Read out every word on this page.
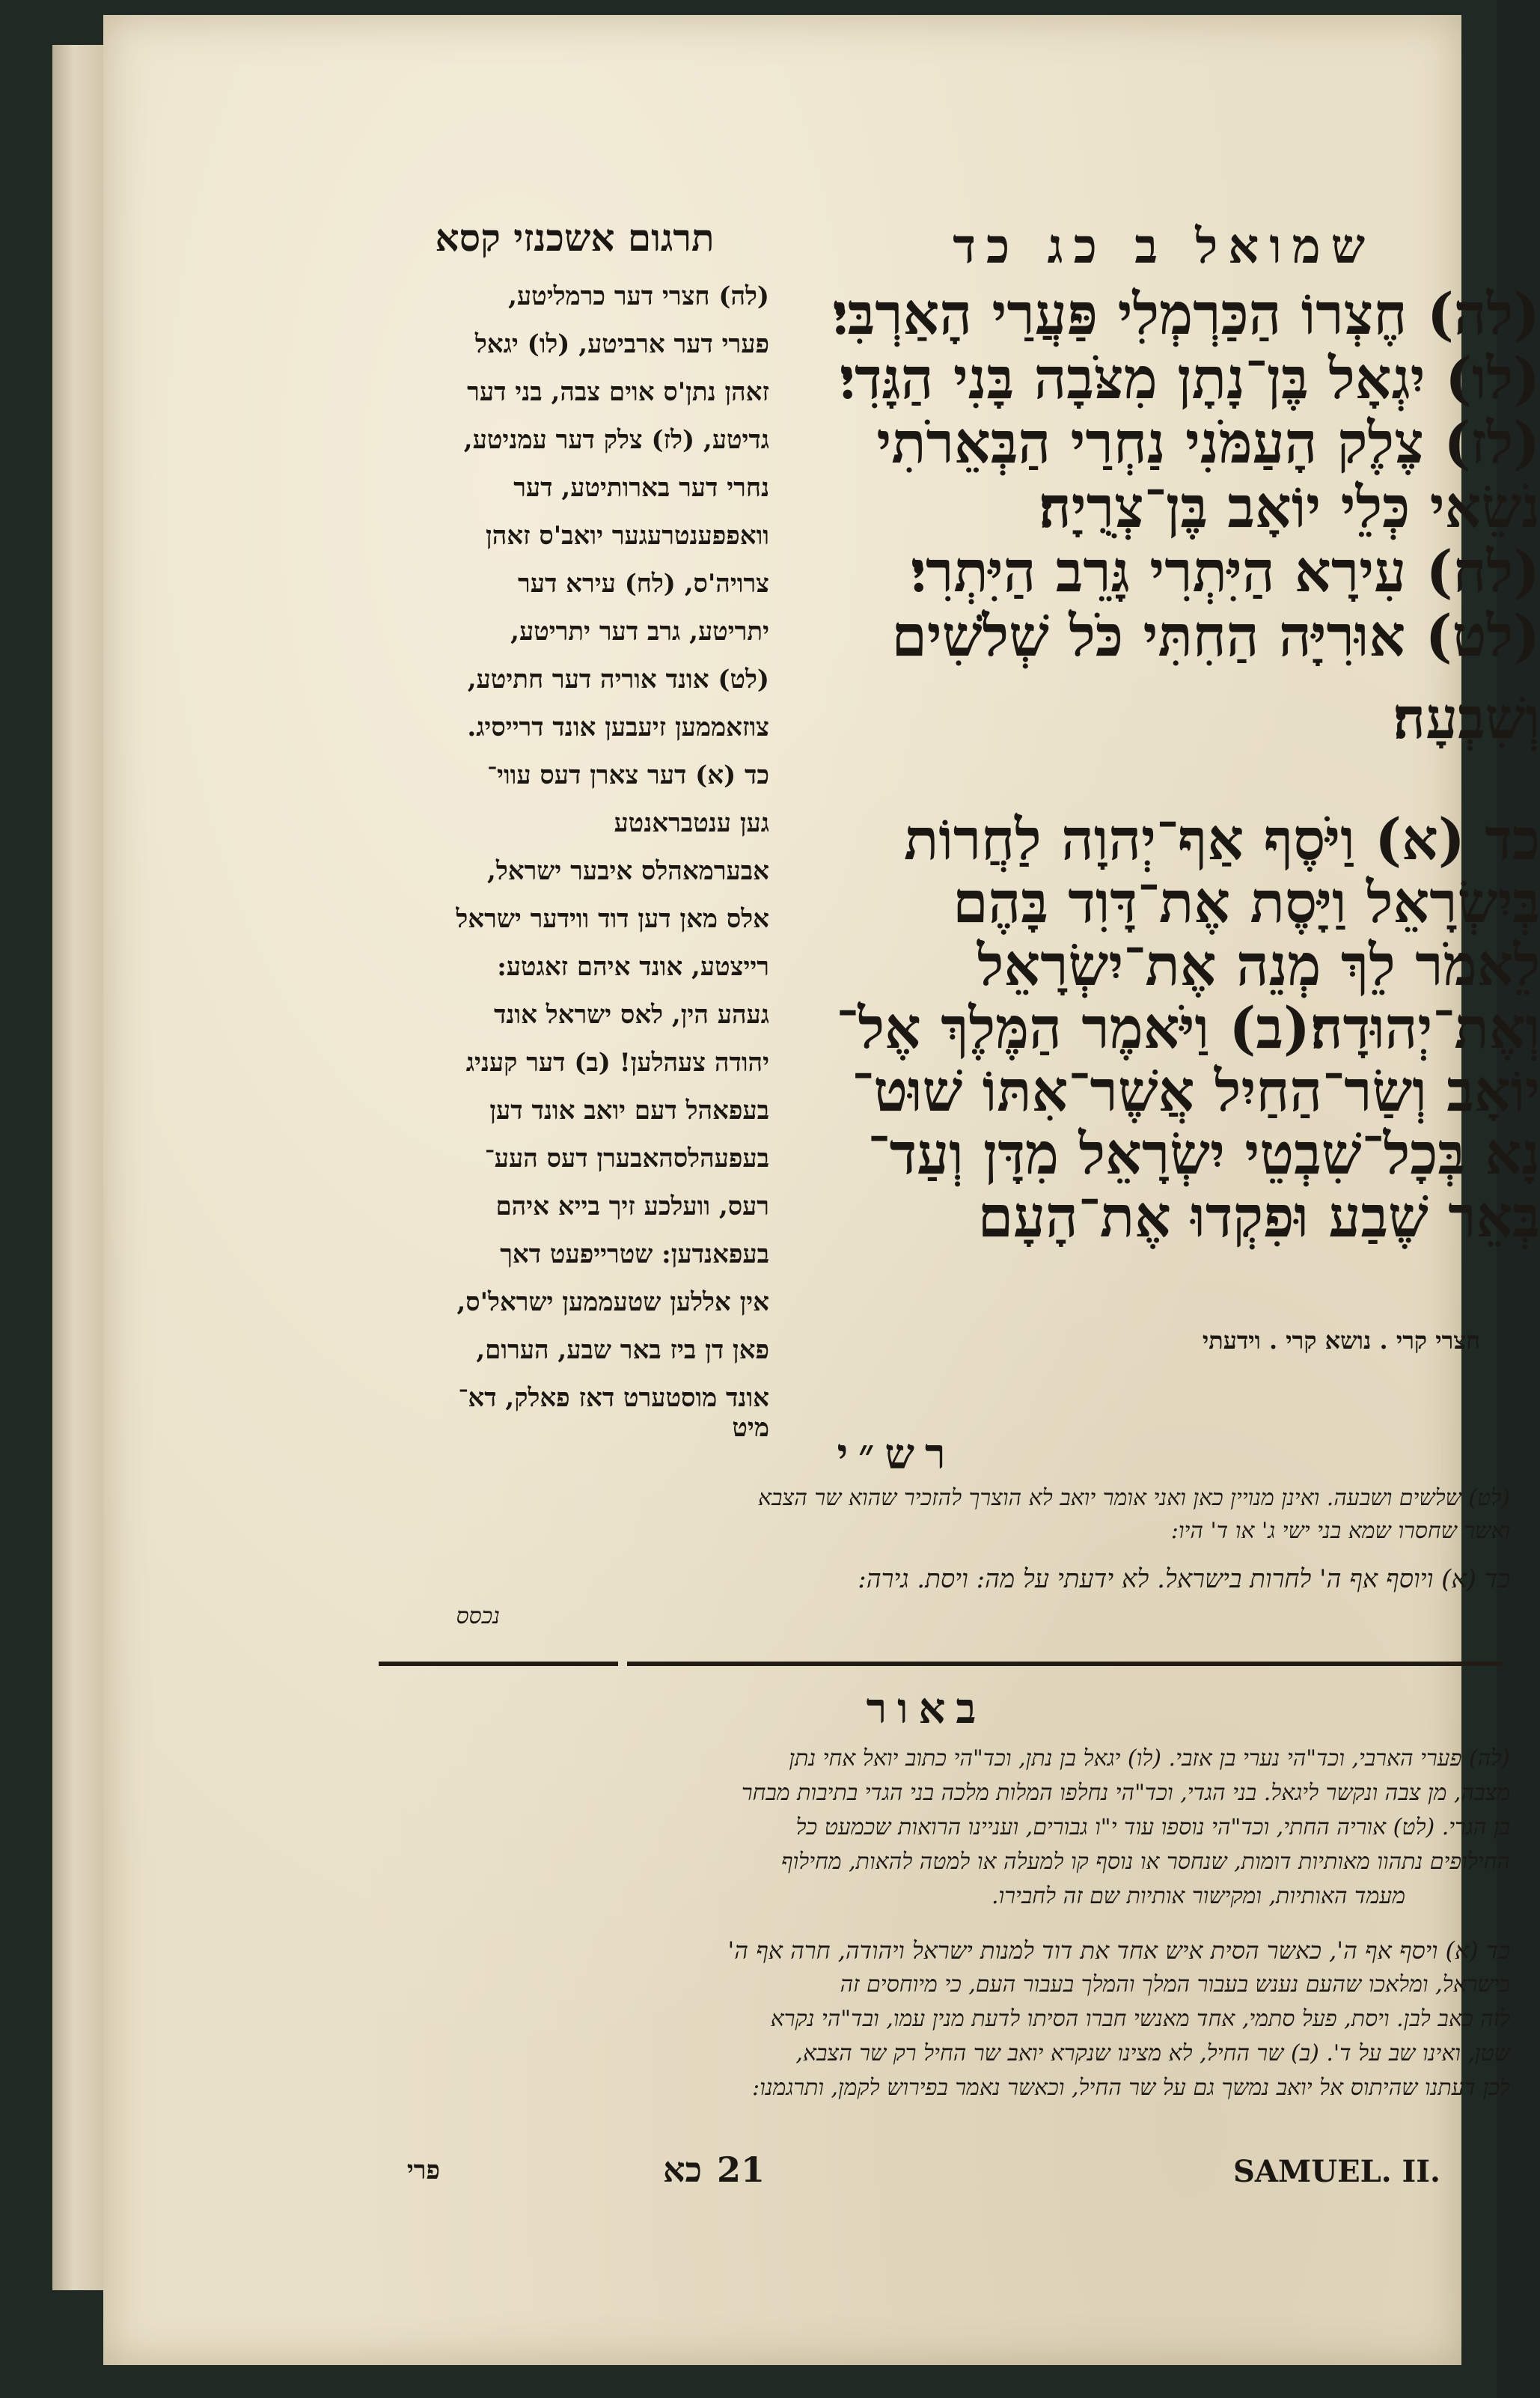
שמואל ב כג כד
(לה) חֶצְרוֹ הַכַּרְמְלִי פַּעֲרַי הָאַרְבִּי׃
(לו) יִגְאָל בֶּן־נָתָן מִצֹּבָה בָּנִי הַגָּדִי׃
(לז) צֶלֶק הָעַמֹּנִי נַחְרַי הַבְּאֵרֹתִי
נֹשֵׂאי כְּלֵי יוֹאָב בֶּן־צְרֻיָה׃
(לח) עִירָא הַיִּתְרִי גָּרֵב הַיִּתְרִי׃
(לט) אוּרִיָּה הַחִתִּי כֹּל שְׁלֹשִׁים
וְשִׁבְעָה׃
כד (א) וַיֹּסֶף אַף־יְהוָה לַחֲרוֹת
בְּיִשְׂרָאֵל וַיָּסֶת אֶת־דָּוִד בָּהֶם
לֵאמֹר לֵךְ מְנֵה אֶת־יִשְׂרָאֵל
וְאֶת־יְהוּדָה׃(ב) וַיֹּאמֶר הַמֶּלֶךְ אֶל־
יוֹאָב וְשַׂר־הַחַיִל אֲשֶׁר־אִתּוֹ שׁוּט־
נָא בְּכָל־שִׁבְטֵי יִשְׂרָאֵל מִדָּן וְעַד־
בְּאֵר שֶׁבַע וּפִקְדוּ אֶת־הָעָם
חצרי קרי . נושא קרי . וידעתי
תרגום אשכנזי קסא
(לה) חצרי דער כרמליטע,
פערי דער ארביטע, (לו) יגאל
זאהן נתן'ס אוים צבה, בני דער
גדיטע, (לז) צלק דער עמניטע,
נחרי דער בארותיטע, דער
וואפפענטרעגער יואב'ס זאהן
צרויה'ס, (לח) עירא דער
יתריטע, גרב דער יתריטע,
(לט) אונד אוריה דער חתיטע,
צוזאממען זיעבען אונד דרייסיג.
כד (א) דער צארן דעס עווי־
גען ענטבראנטע
אבערמאהלס איבער ישראל,
אלס מאן דען דוד ווידער ישראל
רייצטע, אונד איהם זאגטע:
געהע הין, לאס ישראל אונד
יהודה צעהלען! (ב) דער קעניג
בעפאהל דעם יואב אונד דען
בעפעהלסהאבערן דעס העע־
רעס, וועלכע זיך בייא איהם
בעפאנדען: שטרייפעט דאך
אין אללען שטעממען ישראל'ס,
פאן דן ביז באר שבע, הערום,
אונד מוסטערט דאז פאלק, דא־
מיט
רש״י
(לט) שלשים ושבעה. ואינן מנויין כאן ואני אומר יואב לא הוצרך להזכיר שהוא שר הצבא
ואשר שחסרו שמא בני ישי ג' או ד' היו:
כד (א) ויוסף אף ה' לחרות בישראל. לא ידעתי על מה: ויסת. גירה:
נכסס
באור
(לה) פערי הארבי, וכד"הי נערי בן אזבי. (לו) יגאל בן נתן, וכד"הי כתוב יואל אחי נתן
מצבה, מן צבה ונקשר ליגאל. בני הגדי, וכד"הי נחלפו המלות מלכה בני הגדי בתיבות מבחר
בן הגרי. (לט) אוריה החתי, וכד"הי נוספו עוד י"ו גבורים, ועניינו הרואות שכמעט כל
החילופים נתהוו מאותיות דומות, שנחסר או נוסף קו למעלה או למטה להאות, מחילוף
מעמד האותיות, ומקישור אותיות שם זה לחבירו.
כד (א) ויסף אף ה', כאשר הסית איש אחד את דוד למנות ישראל ויהודה, חרה אף ה'
בישראל, ומלאכו שהעם נענש בעבור המלך והמלך בעבור העם, כי מיוחסים זה
לזה כאב לבן. ויסת, פעל סתמי, אחד מאנשי חברו הסיתו לדעת מנין עמו, ובד"הי נקרא
שטן, ואינו שב על ד'. (ב) שר החיל, לא מצינו שנקרא יואב שר החיל רק שר הצבא,
לכן דעתנו שהיתוס אל יואב נמשך גם על שר החיל, וכאשר נאמר בפירוש לקמן, ותרגמנו:
SAMUEL. II.
21
כא
פרי
